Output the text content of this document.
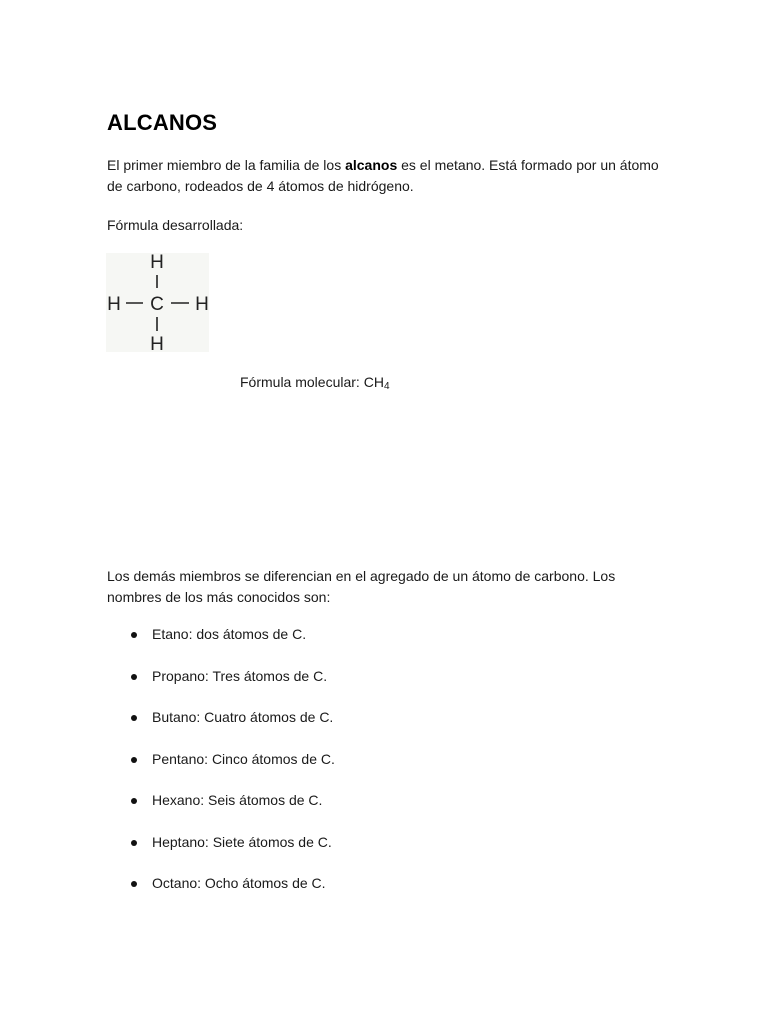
ALCANOS

El primer miembro de la familia de los alcanos es el metano. Está formado por un átomo de carbono, rodeados de 4 átomos de hidrógeno.

Fórmula desarrollada:

H
H C H
H

Fórmula molecular: $CH_4$

Los demás miembros se diferencian en el agregado de un átomo de carbono. Los nombres de los más conocidos son:

Etano: dos átomos de C.
Propano: Tres átomos de C.
Butano: Cuatro átomos de C.
Pentano: Cinco átomos de C.
Hexano: Seis átomos de C.
Heptano: Siete átomos de C.
Octano: Ocho átomos de C.
